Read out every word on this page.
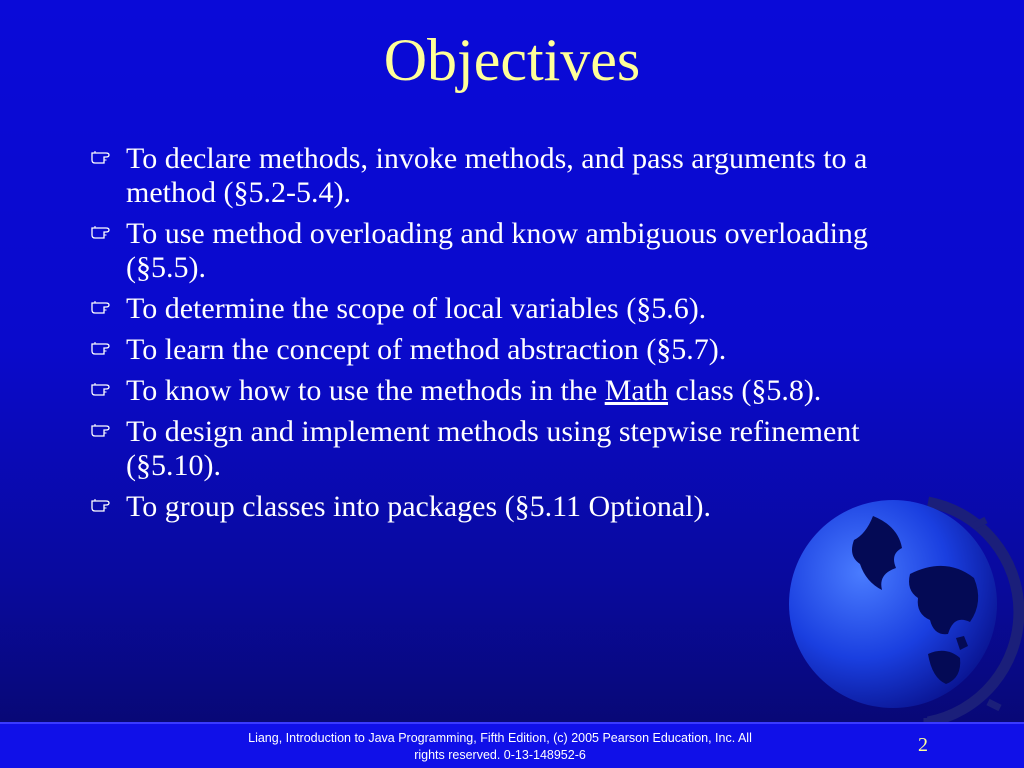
Objectives
To declare methods, invoke methods, and pass arguments to a method (§5.2-5.4).
To use method overloading and know ambiguous overloading (§5.5).
To determine the scope of local variables (§5.6).
To learn the concept of method abstraction (§5.7).
To know how to use the methods in the Math class (§5.8).
To design and implement methods using stepwise refinement (§5.10).
To group classes into packages (§5.11 Optional).
Liang, Introduction to Java Programming, Fifth Edition, (c) 2005 Pearson Education, Inc. All
rights reserved. 0-13-148952-6	2
